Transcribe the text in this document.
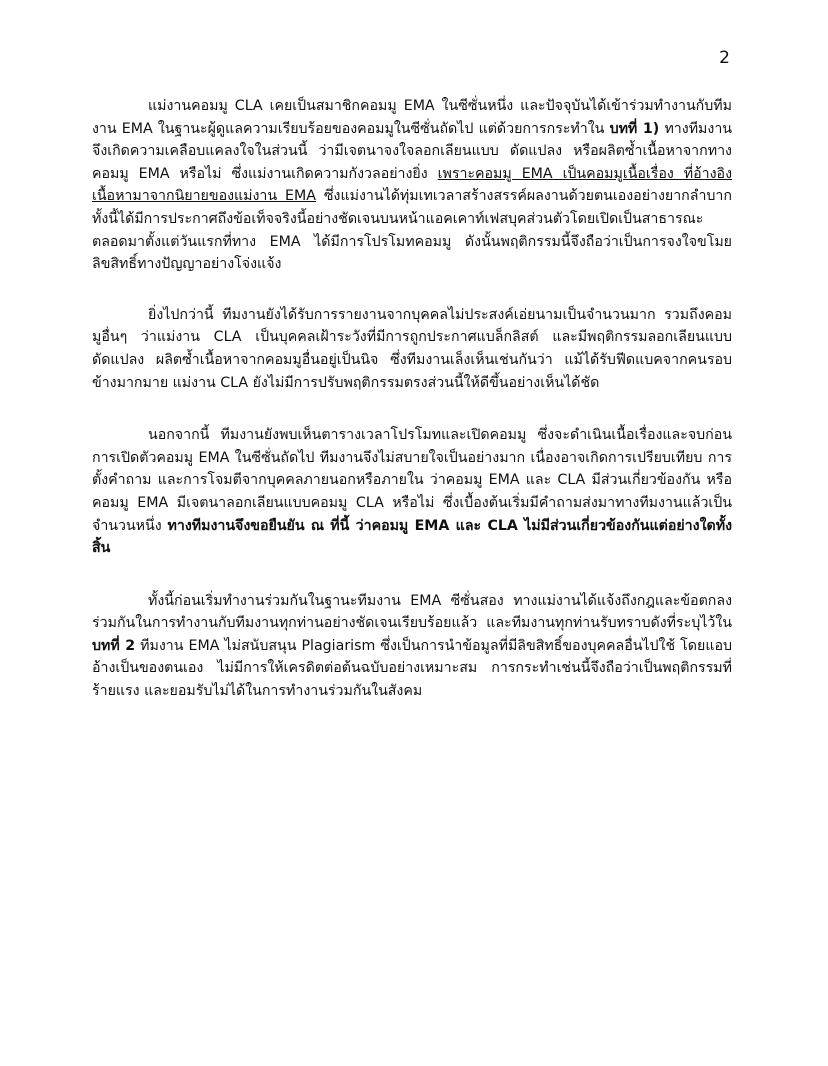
2

แม่งานคอมมู CLA เคยเป็นสมาชิกคอมมู EMA ในซีซั่นหนึ่ง และปัจจุบันได้เข้าร่วมทำงานกับทีมงาน EMA ในฐานะผู้ดูแลความเรียบร้อยของคอมมูในซีซั่นถัดไป แต่ด้วยการกระทำใน บทที่ 1) ทางทีมงานจึงเกิดความเคลือบแคลงใจในส่วนนี้ ว่ามีเจตนาจงใจลอกเลียนแบบ ดัดแปลง หรือผลิตซ้ำเนื้อหาจากทางคอมมู EMA หรือไม่ ซึ่งแม่งานเกิดความกังวลอย่างยิ่ง เพราะคอมมู EMA เป็นคอมมูเนื้อเรื่อง ที่อ้างอิงเนื้อหามาจากนิยายของแม่งาน EMA ซึ่งแม่งานได้ทุ่มเทเวลาสร้างสรรค์ผลงานด้วยตนเองอย่างยากลำบาก ทั้งนี้ได้มีการประกาศถึงข้อเท็จจริงนี้อย่างชัดเจนบนหน้าแอคเคาท์เฟสบุคส่วนตัวโดยเปิดเป็นสาธารณะตลอดมาตั้งแต่วันแรกที่ทาง EMA ได้มีการโปรโมทคอมมู ดังนั้นพฤติกรรมนี้จึงถือว่าเป็นการจงใจขโมยลิขสิทธิ์ทางปัญญาอย่างโจ่งแจ้ง

ยิ่งไปกว่านี้ ทีมงานยังได้รับการรายงานจากบุคคลไม่ประสงค์เอ่ยนามเป็นจำนวนมาก รวมถึงคอมมูอื่นๆ ว่าแม่งาน CLA เป็นบุคคลเฝ้าระวังที่มีการถูกประกาศแบล็กลิสต์ และมีพฤติกรรมลอกเลียนแบบ ดัดแปลง ผลิตซ้ำเนื้อหาจากคอมมูอื่นอยู่เป็นนิจ ซึ่งทีมงานเล็งเห็นเช่นกันว่า แม้ได้รับฟีดแบคจากคนรอบข้างมากมาย แม่งาน CLA ยังไม่มีการปรับพฤติกรรมตรงส่วนนี้ให้ดีขึ้นอย่างเห็นได้ชัด

นอกจากนี้ ทีมงานยังพบเห็นตารางเวลาโปรโมทและเปิดคอมมู ซึ่งจะดำเนินเนื้อเรื่องและจบก่อนการเปิดตัวคอมมู EMA ในซีซั่นถัดไป ทีมงานจึงไม่สบายใจเป็นอย่างมาก เนื่องอาจเกิดการเปรียบเทียบ การตั้งคำถาม และการโจมตีจากบุคคลภายนอกหรือภายใน ว่าคอมมู EMA และ CLA มีส่วนเกี่ยวข้องกัน หรือคอมมู EMA มีเจตนาลอกเลียนแบบคอมมู CLA หรือไม่ ซึ่งเบื้องต้นเริ่มมีคำถามส่งมาทางทีมงานแล้วเป็นจำนวนหนึ่ง ทางทีมงานจึงขอยืนยัน ณ ที่นี้ ว่าคอมมู EMA และ CLA ไม่มีส่วนเกี่ยวข้องกันแต่อย่างใดทั้งสิ้น

ทั้งนี้ก่อนเริ่มทำงานร่วมกันในฐานะทีมงาน EMA ซีซั่นสอง ทางแม่งานได้แจ้งถึงกฎและข้อตกลงร่วมกันในการทำงานกับทีมงานทุกท่านอย่างชัดเจนเรียบร้อยแล้ว และทีมงานทุกท่านรับทราบดังที่ระบุไว้ใน บทที่ 2 ทีมงาน EMA ไม่สนับสนุน Plagiarism ซึ่งเป็นการนำข้อมูลที่มีลิขสิทธิ์ของบุคคลอื่นไปใช้ โดยแอบอ้างเป็นของตนเอง ไม่มีการให้เครดิตต่อต้นฉบับอย่างเหมาะสม การกระทำเช่นนี้จึงถือว่าเป็นพฤติกรรมที่ร้ายแรง และยอมรับไม่ได้ในการทำงานร่วมกันในสังคม
